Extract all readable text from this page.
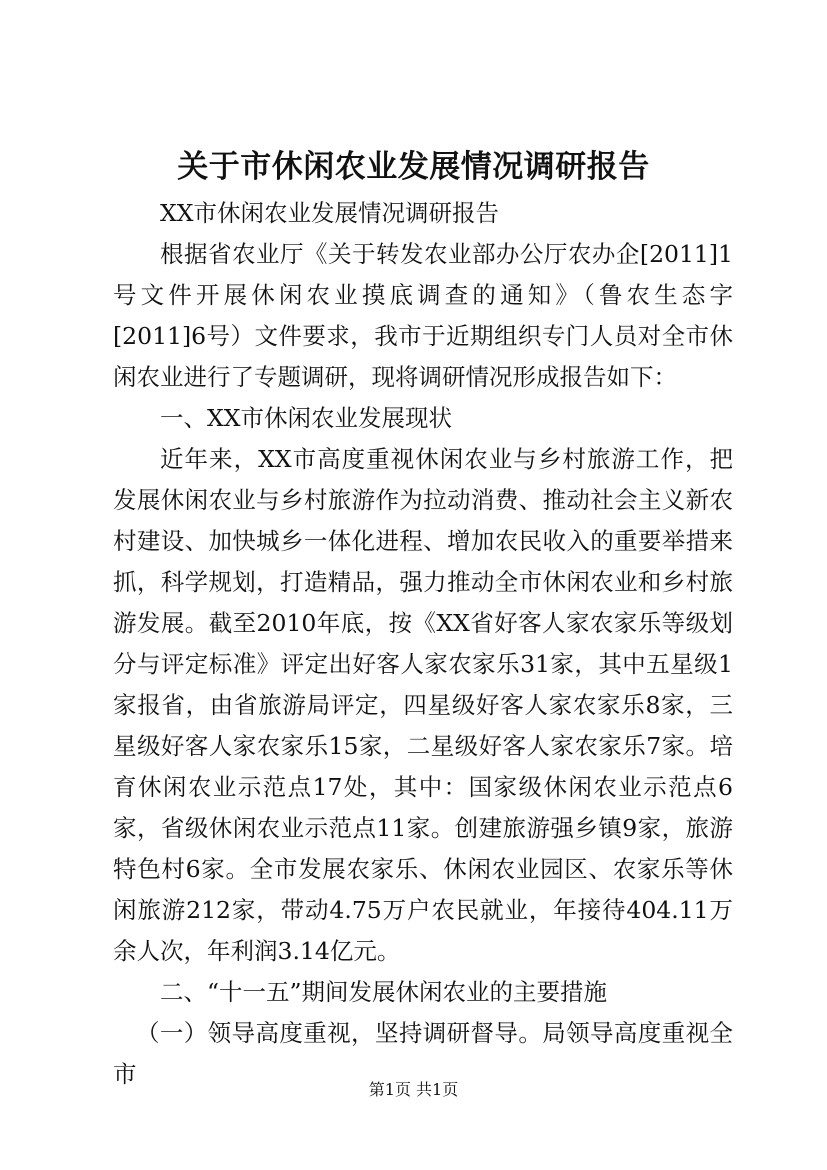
关于市休闲农业发展情况调研报告

XX市休闲农业发展情况调研报告

根据省农业厅《关于转发农业部办公厅农办企[2011]1号文件开展休闲农业摸底调查的通知》（鲁农生态字[2011]6号）文件要求，我市于近期组织专门人员对全市休闲农业进行了专题调研，现将调研情况形成报告如下：

一、XX市休闲农业发展现状

近年来，XX市高度重视休闲农业与乡村旅游工作，把发展休闲农业与乡村旅游作为拉动消费、推动社会主义新农村建设、加快城乡一体化进程、增加农民收入的重要举措来抓，科学规划，打造精品，强力推动全市休闲农业和乡村旅游发展。截至2010年底，按《XX省好客人家农家乐等级划分与评定标准》评定出好客人家农家乐31家，其中五星级1家报省，由省旅游局评定，四星级好客人家农家乐8家，三星级好客人家农家乐15家，二星级好客人家农家乐7家。培育休闲农业示范点17处，其中：国家级休闲农业示范点6家，省级休闲农业示范点11家。创建旅游强乡镇9家，旅游特色村6家。全市发展农家乐、休闲农业园区、农家乐等休闲旅游212家，带动4.75万户农民就业，年接待404.11万余人次，年利润3.14亿元。

二、“十一五”期间发展休闲农业的主要措施

（一）领导高度重视，坚持调研督导。局领导高度重视全市

第1页 共1页
